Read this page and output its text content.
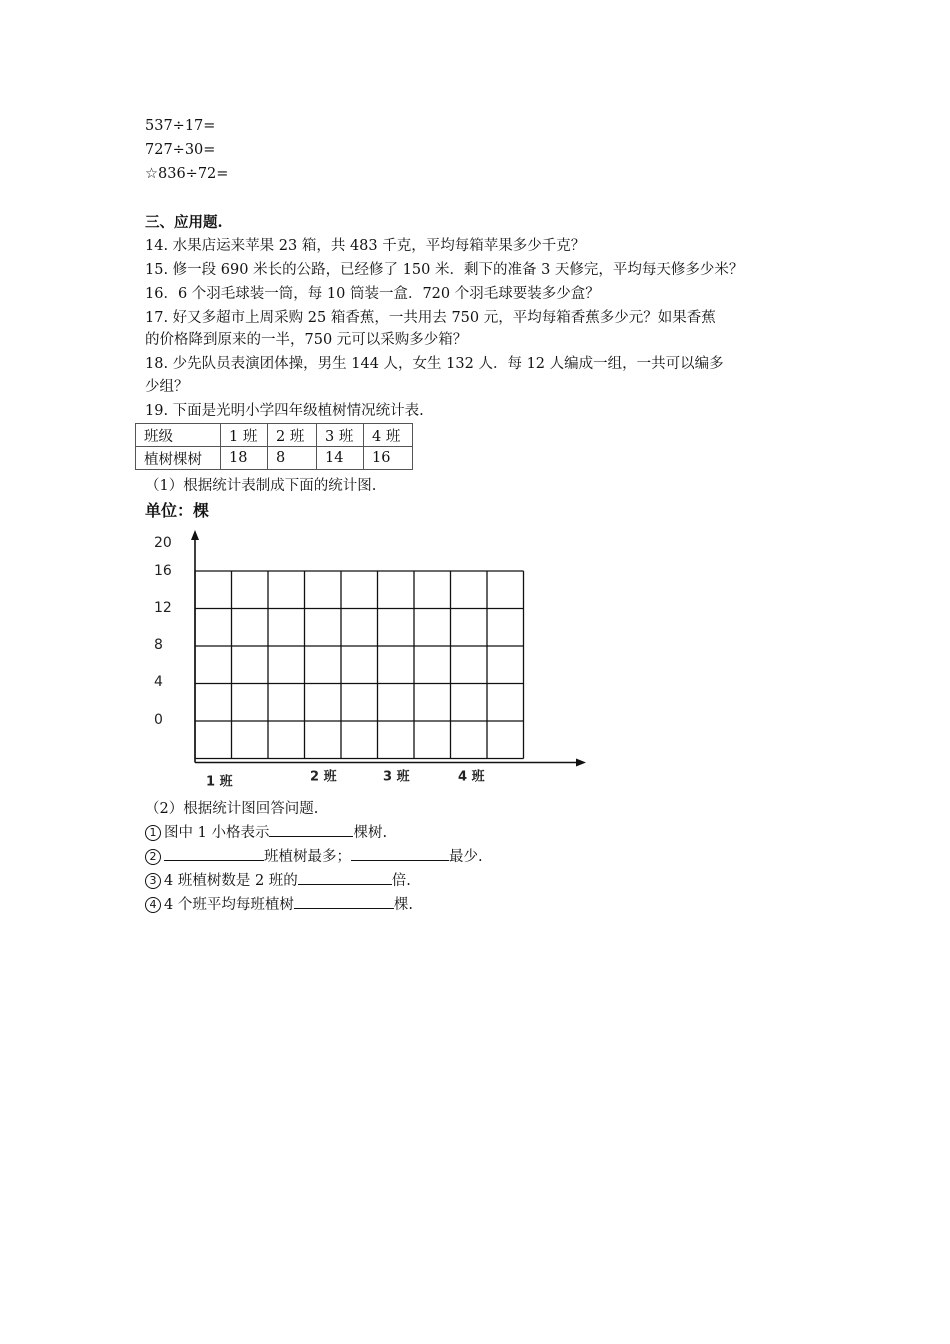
537÷17=
727÷30=
☆836÷72=
三、应用题.
14. 水果店运来苹果 23 箱，共 483 千克，平均每箱苹果多少千克？
15. 修一段 690 米长的公路，已经修了 150 米．剩下的准备 3 天修完，平均每天修多少米？
16．6 个羽毛球装一筒，每 10 筒装一盒．720 个羽毛球要装多少盒？
17. 好又多超市上周采购 25 箱香蕉，一共用去 750 元，平均每箱香蕉多少元？如果香蕉
的价格降到原来的一半，750 元可以采购多少箱？
18. 少先队员表演团体操，男生 144 人，女生 132 人．每 12 人编成一组，一共可以编多
少组？
19. 下面是光明小学四年级植树情况统计表.
班级	1 班	2 班	3 班	4 班
植树棵树	18	8	14	16
（1）根据统计表制成下面的统计图.
单位：棵
20
16
12
8
4
0
1 班	2 班	3 班	4 班
（2）根据统计图回答问题.
1 图中 1 小格表示	棵树.
2	班植树最多；	最少.
3 4 班植树数是 2 班的	倍.
4 4 个班平均每班植树	棵.
